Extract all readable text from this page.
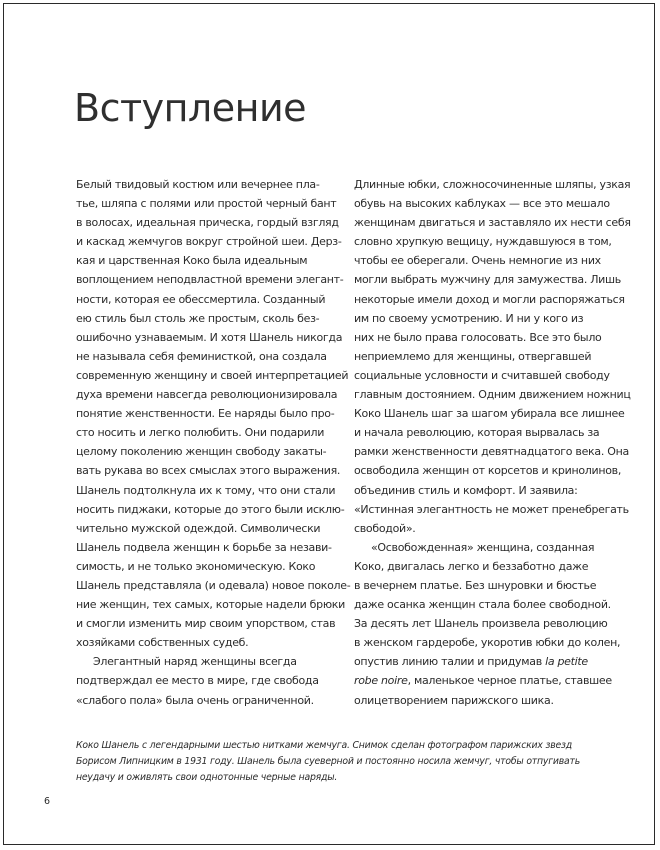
Вступление
Белый твидовый костюм или вечернее пла-
тье, шляпа с полями или простой черный бант
в волосах, идеальная прическа, гордый взгляд
и каскад жемчугов вокруг стройной шеи. Дерз-
кая и царственная Коко была идеальным
воплощением неподвластной времени элегант-
ности, которая ее обессмертила. Созданный
ею стиль был столь же простым, сколь без-
ошибочно узнаваемым. И хотя Шанель никогда
не называла себя феминисткой, она создала
современную женщину и своей интерпретацией
духа времени навсегда революционизировала
понятие женственности. Ее наряды было про-
сто носить и легко полюбить. Они подарили
целому поколению женщин свободу закаты-
вать рукава во всех смыслах этого выражения.
Шанель подтолкнула их к тому, что они стали
носить пиджаки, которые до этого были исклю-
чительно мужской одеждой. Символически
Шанель подвела женщин к борьбе за незави-
симость, и не только экономическую. Коко
Шанель представляла (и одевала) новое поколе-
ние женщин, тех самых, которые надели брюки
и смогли изменить мир своим упорством, став
хозяйками собственных судеб.
Элегантный наряд женщины всегда
подтверждал ее место в мире, где свобода
«слабого пола» была очень ограниченной.
Длинные юбки, сложносочиненные шляпы, узкая
обувь на высоких каблуках — все это мешало
женщинам двигаться и заставляло их нести себя
словно хрупкую вещицу, нуждавшуюся в том,
чтобы ее оберегали. Очень немногие из них
могли выбрать мужчину для замужества. Лишь
некоторые имели доход и могли распоряжаться
им по своему усмотрению. И ни у кого из
них не было права голосовать. Все это было
неприемлемо для женщины, отвергавшей
социальные условности и считавшей свободу
главным достоянием. Одним движением ножниц
Коко Шанель шаг за шагом убирала все лишнее
и начала революцию, которая вырвалась за
рамки женственности девятнадцатого века. Она
освободила женщин от корсетов и кринолинов,
объединив стиль и комфорт. И заявила:
«Истинная элегантность не может пренебрегать
свободой».
«Освобожденная» женщина, созданная
Коко, двигалась легко и беззаботно даже
в вечернем платье. Без шнуровки и бюстье
даже осанка женщин стала более свободной.
За десять лет Шанель произвела революцию
в женском гардеробе, укоротив юбки до колен,
опустив линию талии и придумав la petite
robe noire, маленькое черное платье, ставшее
олицетворением парижского шика.
Коко Шанель с легендарными шестью нитками жемчуга. Снимок сделан фотографом парижских звезд
Борисом Липницким в 1931 году. Шанель была суеверной и постоянно носила жемчуг, чтобы отпугивать
неудачу и оживлять свои однотонные черные наряды.
6
